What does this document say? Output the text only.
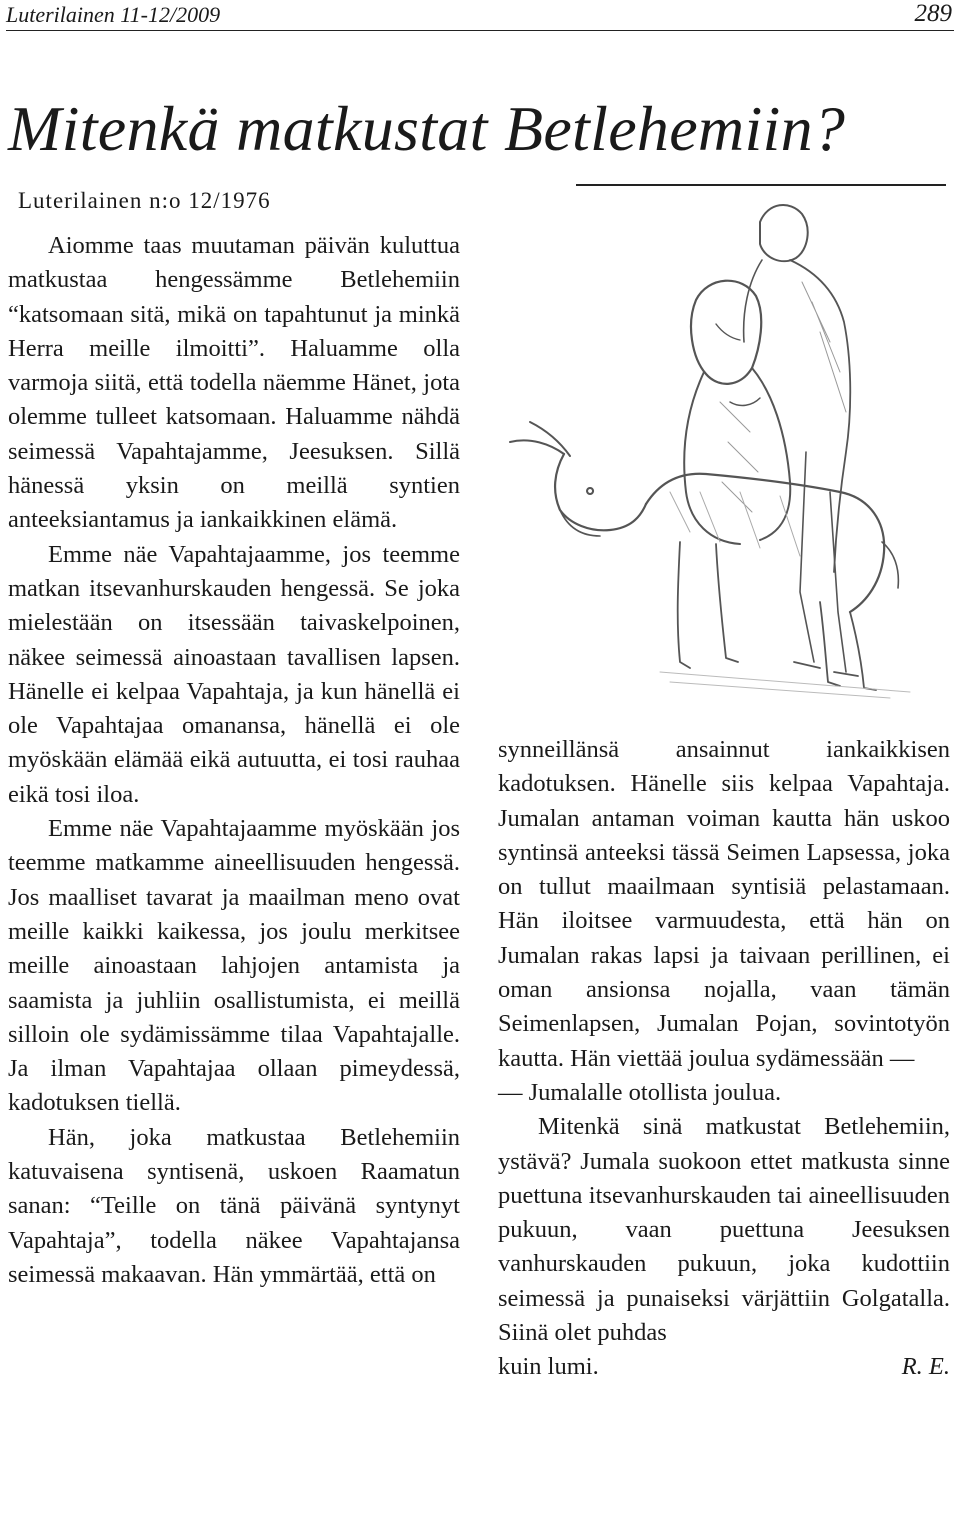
Luterilainen 11-12/2009	289
Mitenkä matkustat Betlehemiin?
Luterilainen n:o 12/1976

Aiomme taas muutaman päivän kuluttua matkustaa hengessämme Betlehemiin “katsomaan sitä, mikä on tapahtunut ja minkä Herra meille ilmoitti”. Haluamme olla varmoja siitä, että todella näemme Hänet, jota olemme tulleet katsomaan. Haluamme nähdä seimessä Vapahtajamme, Jeesuksen. Sillä hänessä yksin on meillä syntien anteeksiantamus ja iankaikkinen elämä.

Emme näe Vapahtajaamme, jos teemme matkan itsevanhurskauden hengessä. Se joka mielestään on itsessään taivaskelpoinen, näkee seimessä ainoastaan tavallisen lapsen. Hänelle ei kelpaa Vapahtaja, ja kun hänellä ei ole Vapahtajaa omanansa, hänellä ei ole myöskään elämää eikä autuutta, ei tosi rauhaa eikä tosi iloa.

Emme näe Vapahtajaamme myöskään jos teemme matkamme aineellisuuden hengessä. Jos maalliset tavarat ja maailman meno ovat meille kaikki kaikessa, jos joulu merkitsee meille ainoastaan lahjojen antamista ja saamista ja juhliin osallistumista, ei meillä silloin ole sydämissämme tilaa Vapahtajalle. Ja ilman Vapahtajaa ollaan pimeydessä, kadotuksen tiellä.

Hän, joka matkustaa Betlehemiin katuvaisena syntisenä, uskoen Raamatun sanan: “Teille on tänä päivänä syntynyt Vapahtaja”, todella näkee Vapahtajansa seimessä makaavan. Hän ymmärtää, että on

synneillänsä ansainnut iankaikkisen kadotuksen. Hänelle siis kelpaa Vapahtaja. Jumalan antaman voiman kautta hän uskoo syntinsä anteeksi tässä Seimen Lapsessa, joka on tullut maailmaan syntisiä pelastamaan. Hän iloitsee varmuudesta, että hän on Jumalan rakas lapsi ja taivaan perillinen, ei oman ansionsa nojalla, vaan tämän Seimenlapsen, Jumalan Pojan, sovintotyön kautta. Hän viettää joulua sydämessään —

— Jumalalle otollista joulua.

Mitenkä sinä matkustat Betlehemiin, ystävä? Jumala suokoon ettet matkusta sinne puettuna itsevanhurskauden tai aineellisuuden pukuun, vaan puettuna Jeesuksen vanhurskauden pukuun, joka kudottiin seimessä ja punaiseksi värjättiin Golgatalla. Siinä olet puhdas

kuin lumi.	R. E.
